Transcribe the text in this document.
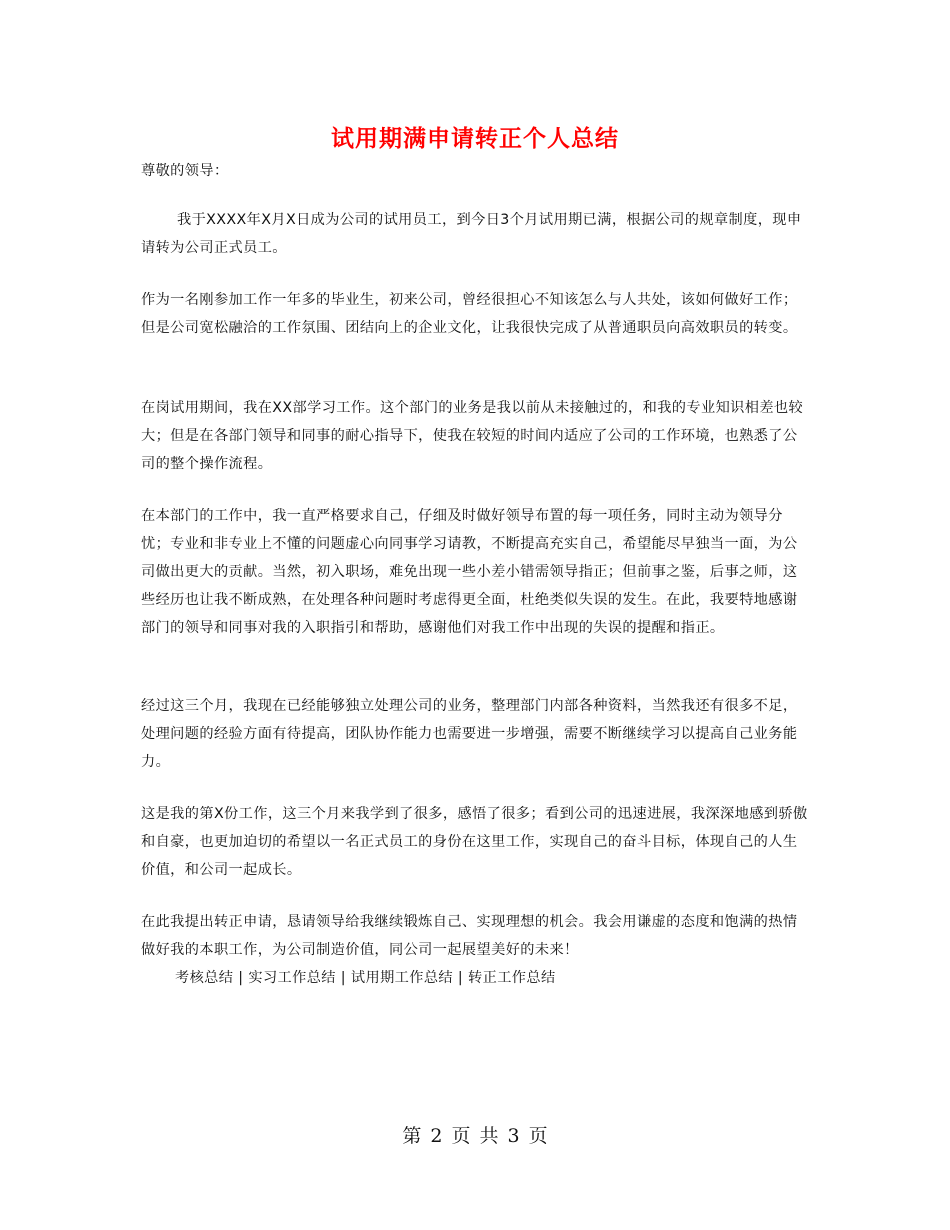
试用期满申请转正个人总结

尊敬的领导：

我于XXXX年X月X日成为公司的试用员工，到今日3个月试用期已满，根据公司的规章制度，现申请转为公司正式员工。

作为一名刚参加工作一年多的毕业生，初来公司，曾经很担心不知该怎么与人共处，该如何做好工作；但是公司宽松融洽的工作氛围、团结向上的企业文化，让我很快完成了从普通职员向高效职员的转变。

在岗试用期间，我在XX部学习工作。这个部门的业务是我以前从未接触过的，和我的专业知识相差也较大；但是在各部门领导和同事的耐心指导下，使我在较短的时间内适应了公司的工作环境，也熟悉了公司的整个操作流程。

在本部门的工作中，我一直严格要求自己，仔细及时做好领导布置的每一项任务，同时主动为领导分忧；专业和非专业上不懂的问题虚心向同事学习请教，不断提高充实自己，希望能尽早独当一面，为公司做出更大的贡献。当然，初入职场，难免出现一些小差小错需领导指正；但前事之鉴，后事之师，这些经历也让我不断成熟，在处理各种问题时考虑得更全面，杜绝类似失误的发生。在此，我要特地感谢部门的领导和同事对我的入职指引和帮助，感谢他们对我工作中出现的失误的提醒和指正。

经过这三个月，我现在已经能够独立处理公司的业务，整理部门内部各种资料，当然我还有很多不足，处理问题的经验方面有待提高，团队协作能力也需要进一步增强，需要不断继续学习以提高自己业务能力。

这是我的第X份工作，这三个月来我学到了很多，感悟了很多；看到公司的迅速进展，我深深地感到骄傲和自豪，也更加迫切的希望以一名正式员工的身份在这里工作，实现自己的奋斗目标，体现自己的人生价值，和公司一起成长。

在此我提出转正申请，恳请领导给我继续锻炼自己、实现理想的机会。我会用谦虚的态度和饱满的热情做好我的本职工作，为公司制造价值，同公司一起展望美好的未来！

考核总结 | 实习工作总结 | 试用期工作总结 | 转正工作总结
第 2 页 共 3 页
